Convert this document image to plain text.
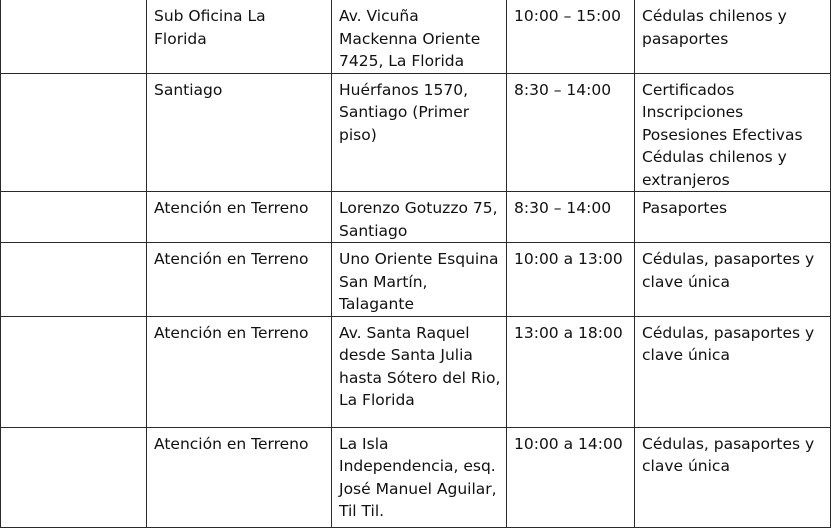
	Sub Oficina La
Florida	Av. Vicuña
Mackenna Oriente
7425, La Florida	10:00 – 15:00	Cédulas chilenos y
pasaportes

	Santiago	Huérfanos 1570,
Santiago (Primer
piso)	8:30 – 14:00	Certificados
Inscripciones
Posesiones Efectivas
Cédulas chilenos y
extranjeros

	Atención en Terreno	Lorenzo Gotuzzo 75,
Santiago	8:30 – 14:00	Pasaportes

	Atención en Terreno	Uno Oriente Esquina
San Martín,
Talagante	10:00 a 13:00	Cédulas, pasaportes y
clave única

	Atención en Terreno	Av. Santa Raquel
desde Santa Julia
hasta Sótero del Rio,
La Florida	13:00 a 18:00	Cédulas, pasaportes y
clave única

	Atención en Terreno	La Isla
Independencia, esq.
José Manuel Aguilar,
Til Til.	10:00 a 14:00	Cédulas, pasaportes y
clave única
